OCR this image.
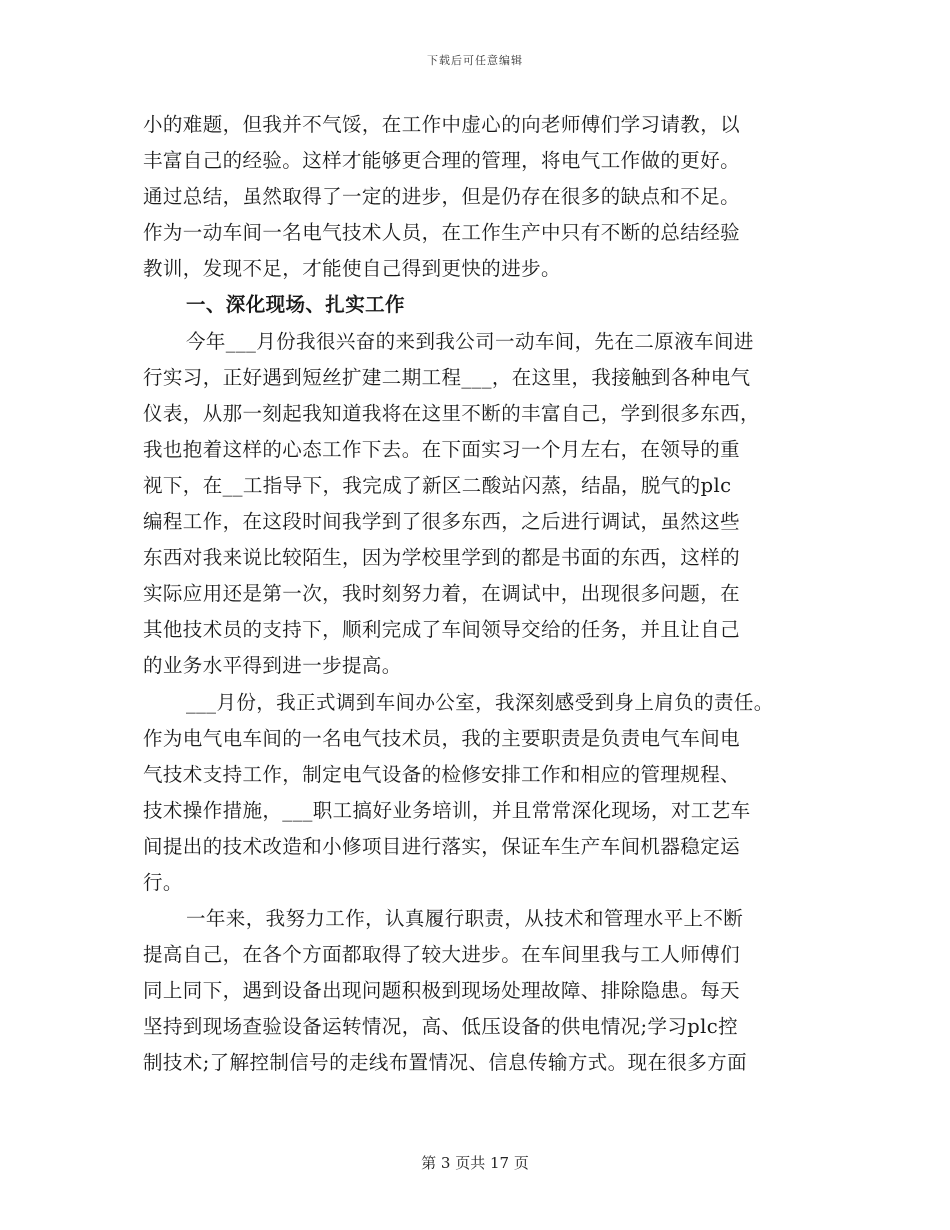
下载后可任意编辑
小的难题，但我并不气馁，在工作中虚心的向老师傅们学习请教，以
丰富自己的经验。这样才能够更合理的管理，将电气工作做的更好。
通过总结，虽然取得了一定的进步，但是仍存在很多的缺点和不足。
作为一动车间一名电气技术人员，在工作生产中只有不断的总结经验
教训，发现不足，才能使自己得到更快的进步。
一、深化现场、扎实工作
今年___月份我很兴奋的来到我公司一动车间，先在二原液车间进
行实习，正好遇到短丝扩建二期工程___，在这里，我接触到各种电气
仪表，从那一刻起我知道我将在这里不断的丰富自己，学到很多东西，
我也抱着这样的心态工作下去。在下面实习一个月左右，在领导的重
视下，在__工指导下，我完成了新区二酸站闪蒸，结晶，脱气的plc
编程工作，在这段时间我学到了很多东西，之后进行调试，虽然这些
东西对我来说比较陌生，因为学校里学到的都是书面的东西，这样的
实际应用还是第一次，我时刻努力着，在调试中，出现很多问题，在
其他技术员的支持下，顺利完成了车间领导交给的任务，并且让自己
的业务水平得到进一步提高。
___月份，我正式调到车间办公室，我深刻感受到身上肩负的责任。
作为电气电车间的一名电气技术员，我的主要职责是负责电气车间电
气技术支持工作，制定电气设备的检修安排工作和相应的管理规程、
技术操作措施，___职工搞好业务培训，并且常常深化现场，对工艺车
间提出的技术改造和小修项目进行落实，保证车生产车间机器稳定运
行。
一年来，我努力工作，认真履行职责，从技术和管理水平上不断
提高自己，在各个方面都取得了较大进步。在车间里我与工人师傅们
同上同下，遇到设备出现问题积极到现场处理故障、排除隐患。每天
坚持到现场查验设备运转情况，高、低压设备的供电情况;学习plc控
制技术;了解控制信号的走线布置情况、信息传输方式。现在很多方面
第 3 页共 17 页
